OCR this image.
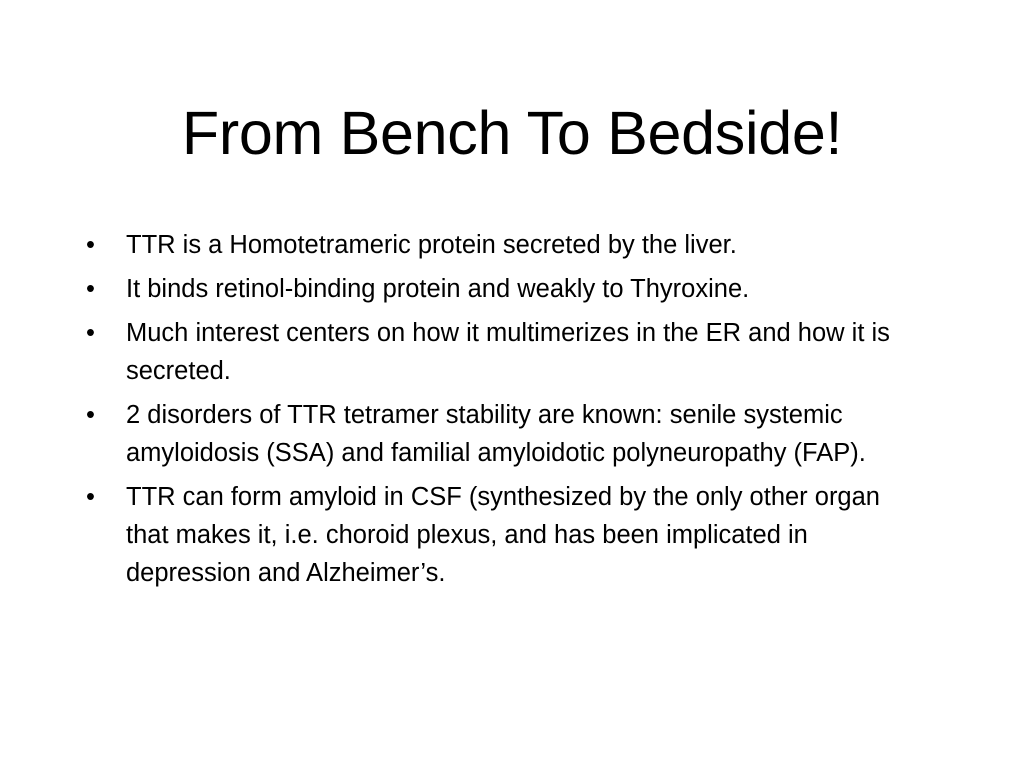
From Bench To Bedside!
•	TTR is a Homotetrameric protein secreted by the liver.
•	It binds retinol-binding protein and weakly to Thyroxine.
•	Much interest centers on how it multimerizes in the ER and how it is secreted.
•	2 disorders of TTR tetramer stability are known: senile systemic amyloidosis (SSA) and familial amyloidotic polyneuropathy (FAP).
•	TTR can form amyloid in CSF (synthesized by the only other organ that makes it, i.e. choroid plexus, and has been implicated in depression and Alzheimer’s.
